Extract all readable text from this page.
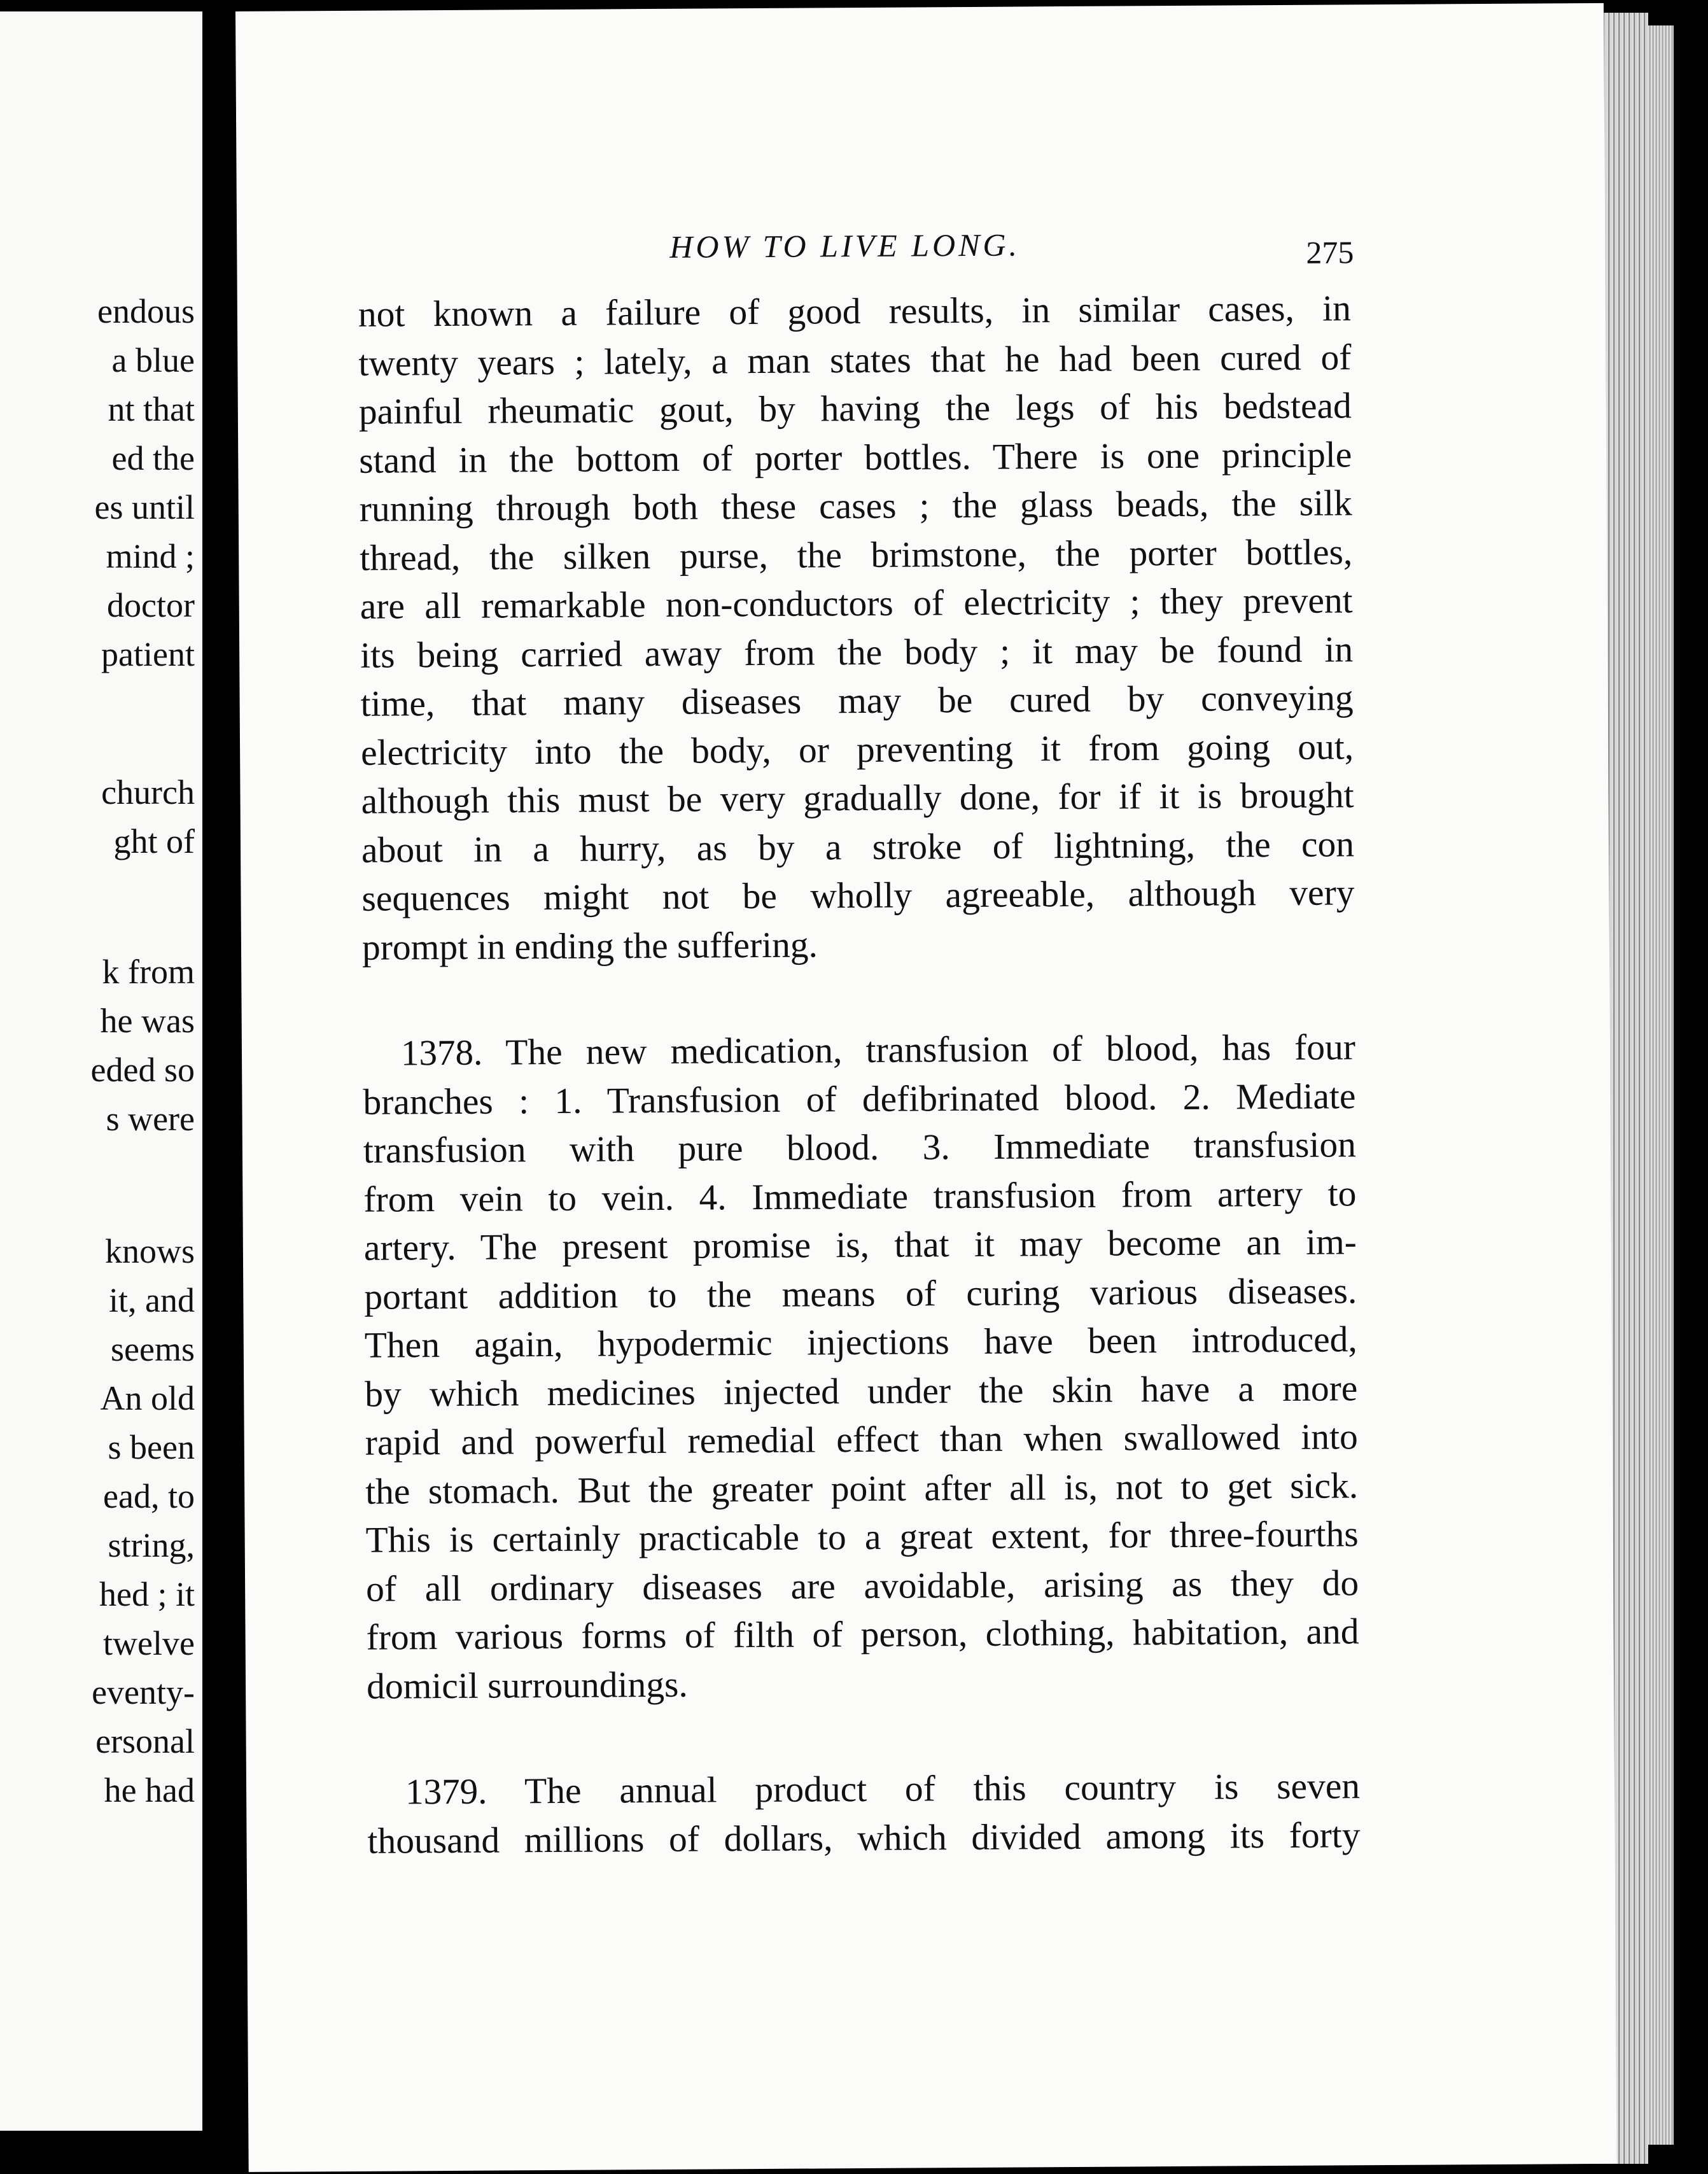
endous
a blue
nt that
ed the
es until
mind ;
doctor
patient
church
ght of
k from
he was
eded so
s were
knows
it, and
seems
An old
s been
ead, to
string,
hed ; it
twelve
eventy-
ersonal
he had
HOW TO LIVE LONG.	275

not known a failure of good results, in similar cases, in
twenty years ; lately, a man states that he had been cured of
painful rheumatic gout, by having the legs of his bedstead
stand in the bottom of porter bottles. There is one principle
running through both these cases ; the glass beads, the silk
thread, the silken purse, the brimstone, the porter bottles,
are all remarkable non-conductors of electricity ; they prevent
its being carried away from the body ; it may be found in
time, that many diseases may be cured by conveying
electricity into the body, or preventing it from going out,
although this must be very gradually done, for if it is brought
about in a hurry, as by a stroke of lightning, the con
sequences might not be wholly agreeable, although very
prompt in ending the suffering.

1378. The new medication, transfusion of blood, has four
branches : 1. Transfusion of defibrinated blood. 2. Mediate
transfusion with pure blood. 3. Immediate transfusion
from vein to vein. 4. Immediate transfusion from artery to
artery. The present promise is, that it may become an im-
portant addition to the means of curing various diseases.
Then again, hypodermic injections have been introduced,
by which medicines injected under the skin have a more
rapid and powerful remedial effect than when swallowed into
the stomach. But the greater point after all is, not to get sick.
This is certainly practicable to a great extent, for three-fourths
of all ordinary diseases are avoidable, arising as they do
from various forms of filth of person, clothing, habitation, and
domicil surroundings.

1379. The annual product of this country is seven
thousand millions of dollars, which divided among its forty
